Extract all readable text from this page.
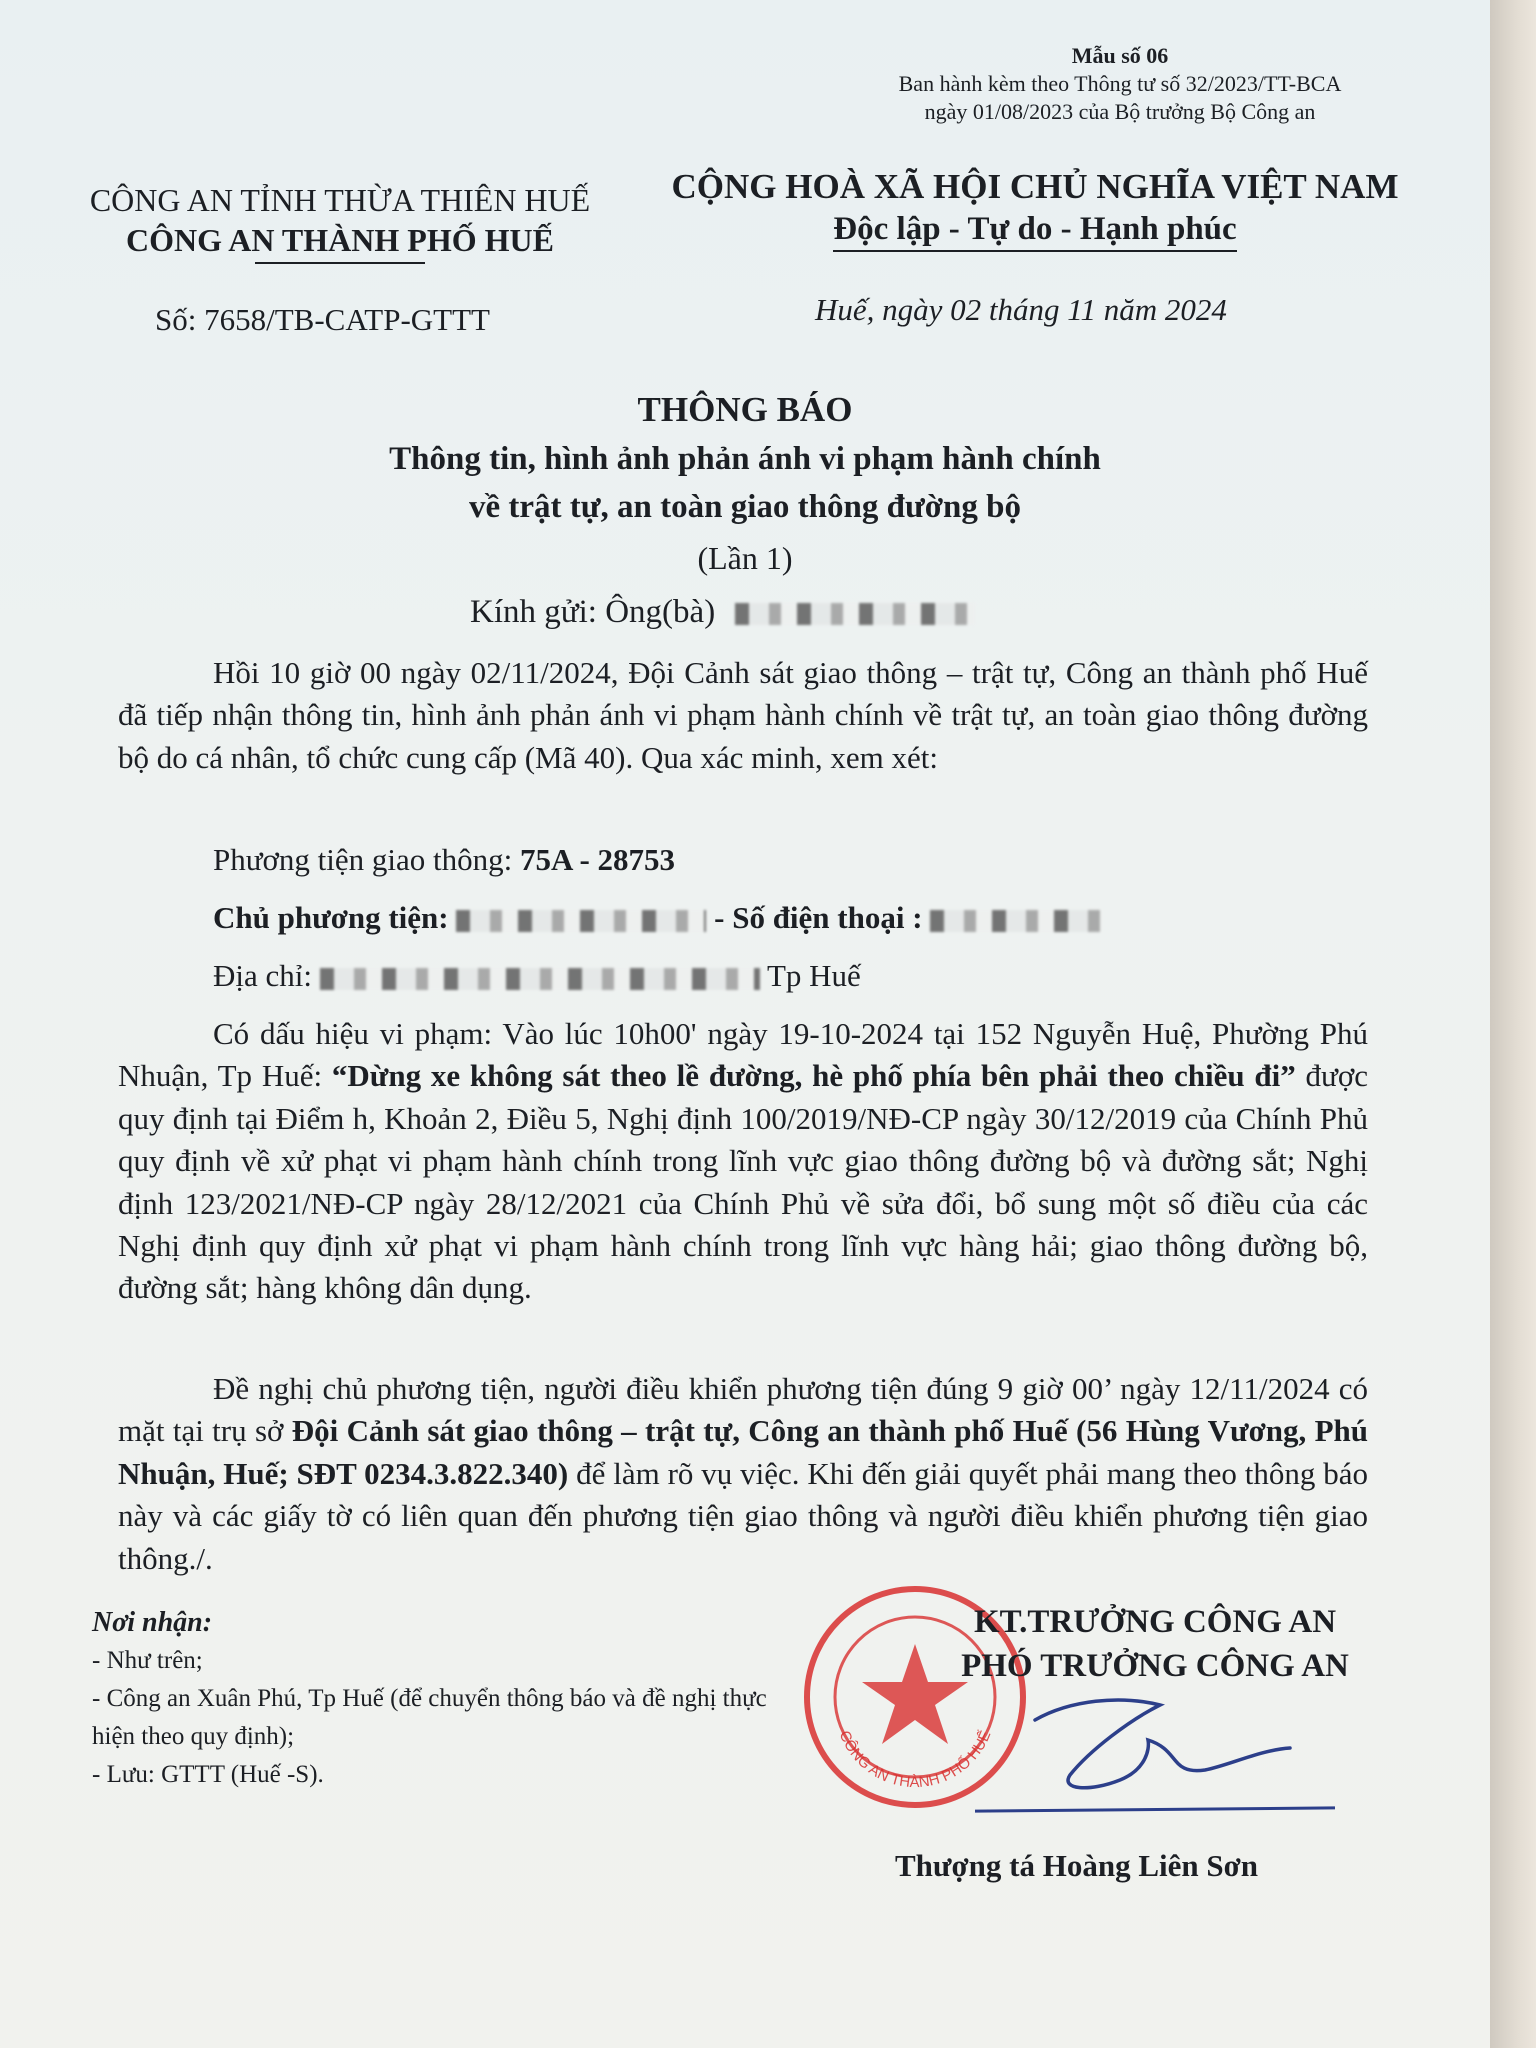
Mẫu số 06
Ban hành kèm theo Thông tư số 32/2023/TT-BCA
ngày 01/08/2023 của Bộ trưởng Bộ Công an
CÔNG AN TỈNH THỪA THIÊN HUẾ
CÔNG AN THÀNH PHỐ HUẾ
CỘNG HOÀ XÃ HỘI CHỦ NGHĨA VIỆT NAM
Độc lập - Tự do - Hạnh phúc
Số: 7658/TB-CATP-GTTT	Huế, ngày 02 tháng 11 năm 2024
THÔNG BÁO
Thông tin, hình ảnh phản ánh vi phạm hành chính
về trật tự, an toàn giao thông đường bộ
(Lần 1)
Kính gửi: Ông(bà)
Hồi 10 giờ 00 ngày 02/11/2024, Đội Cảnh sát giao thông – trật tự, Công an thành phố Huế đã tiếp nhận thông tin, hình ảnh phản ánh vi phạm hành chính về trật tự, an toàn giao thông đường bộ do cá nhân, tổ chức cung cấp (Mã 40). Qua xác minh, xem xét:
Phương tiện giao thông: 75A - 28753
Chủ phương tiện:	- Số điện thoại :
Địa chỉ:	Tp Huế
Có dấu hiệu vi phạm: Vào lúc 10h00' ngày 19-10-2024 tại 152 Nguyễn Huệ, Phường Phú Nhuận, Tp Huế: “Dừng xe không sát theo lề đường, hè phố phía bên phải theo chiều đi” được quy định tại Điểm h, Khoản 2, Điều 5, Nghị định 100/2019/NĐ-CP ngày 30/12/2019 của Chính Phủ quy định về xử phạt vi phạm hành chính trong lĩnh vực giao thông đường bộ và đường sắt; Nghị định 123/2021/NĐ-CP ngày 28/12/2021 của Chính Phủ về sửa đổi, bổ sung một số điều của các Nghị định quy định xử phạt vi phạm hành chính trong lĩnh vực hàng hải; giao thông đường bộ, đường sắt; hàng không dân dụng.
Đề nghị chủ phương tiện, người điều khiển phương tiện đúng 9 giờ 00’ ngày 12/11/2024 có mặt tại trụ sở Đội Cảnh sát giao thông – trật tự, Công an thành phố Huế (56 Hùng Vương, Phú Nhuận, Huế; SĐT 0234.3.822.340) để làm rõ vụ việc. Khi đến giải quyết phải mang theo thông báo này và các giấy tờ có liên quan đến phương tiện giao thông và người điều khiển phương tiện giao thông./.
Nơi nhận:
- Như trên;
- Công an Xuân Phú, Tp Huế (để chuyển thông báo và đề nghị thực hiện theo quy định);
- Lưu: GTTT (Huế -S).
CÔNG AN THÀNH PHỐ HUẾ
KT.TRƯỞNG CÔNG AN
PHÓ TRƯỞNG CÔNG AN
Thượng tá Hoàng Liên Sơn
